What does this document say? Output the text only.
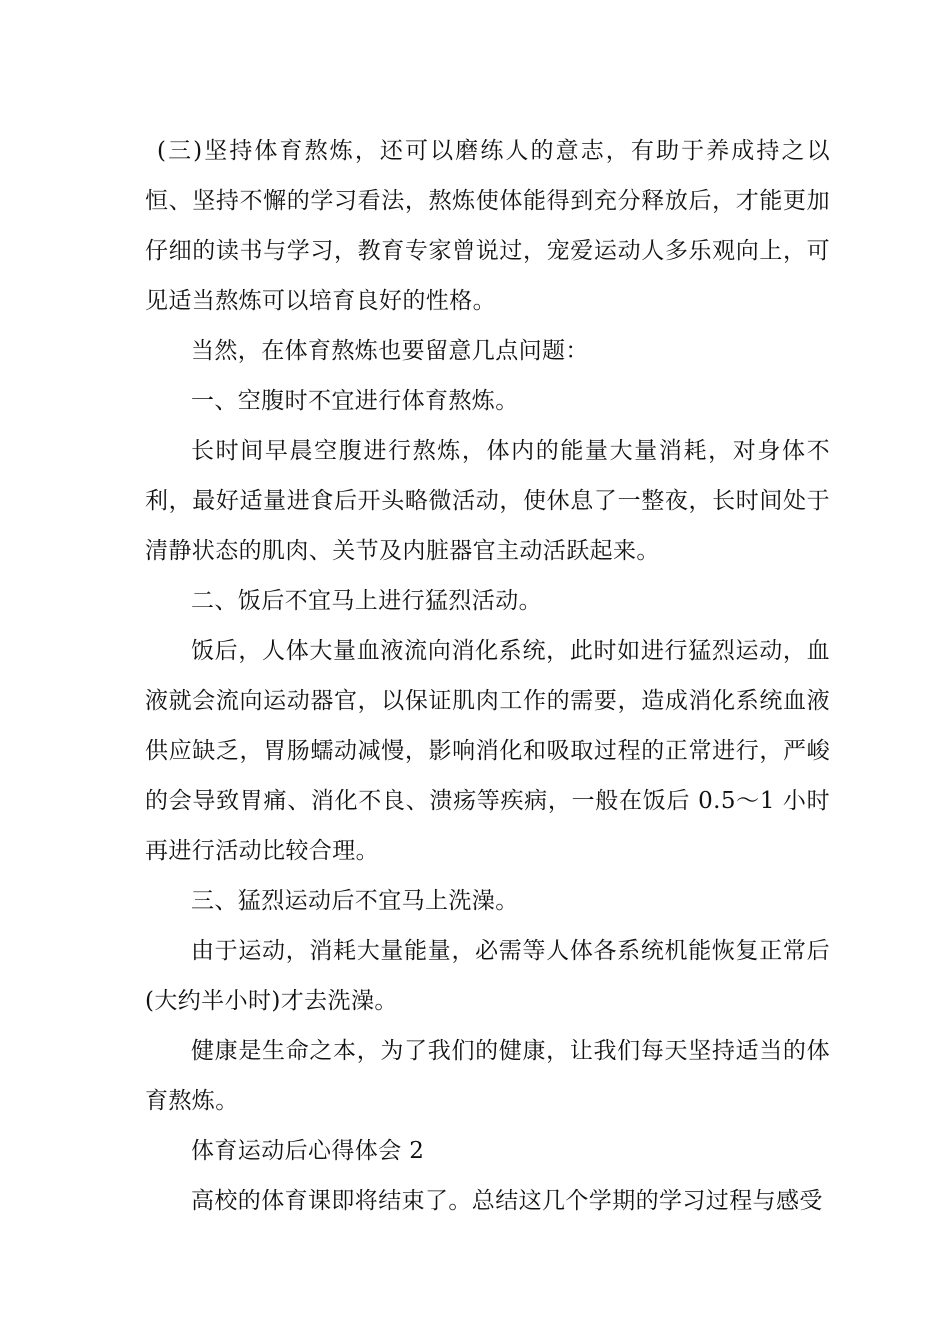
(三)坚持体育熬炼，还可以磨练人的意志，有助于养成持之以恒、坚持不懈的学习看法，熬炼使体能得到充分释放后，才能更加仔细的读书与学习，教育专家曾说过，宠爱运动人多乐观向上，可见适当熬炼可以培育良好的性格。

当然，在体育熬炼也要留意几点问题：

一、空腹时不宜进行体育熬炼。

长时间早晨空腹进行熬炼，体内的能量大量消耗，对身体不利，最好适量进食后开头略微活动，使休息了一整夜，长时间处于清静状态的肌肉、关节及内脏器官主动活跃起来。

二、饭后不宜马上进行猛烈活动。

饭后，人体大量血液流向消化系统，此时如进行猛烈运动，血液就会流向运动器官，以保证肌肉工作的需要，造成消化系统血液供应缺乏，胃肠蠕动减慢，影响消化和吸取过程的正常进行，严峻的会导致胃痛、消化不良、溃疡等疾病，一般在饭后 0.5～1 小时再进行活动比较合理。

三、猛烈运动后不宜马上洗澡。

由于运动，消耗大量能量，必需等人体各系统机能恢复正常后(大约半小时)才去洗澡。

健康是生命之本，为了我们的健康，让我们每天坚持适当的体育熬炼。

体育运动后心得体会 2

高校的体育课即将结束了。总结这几个学期的学习过程与感受
